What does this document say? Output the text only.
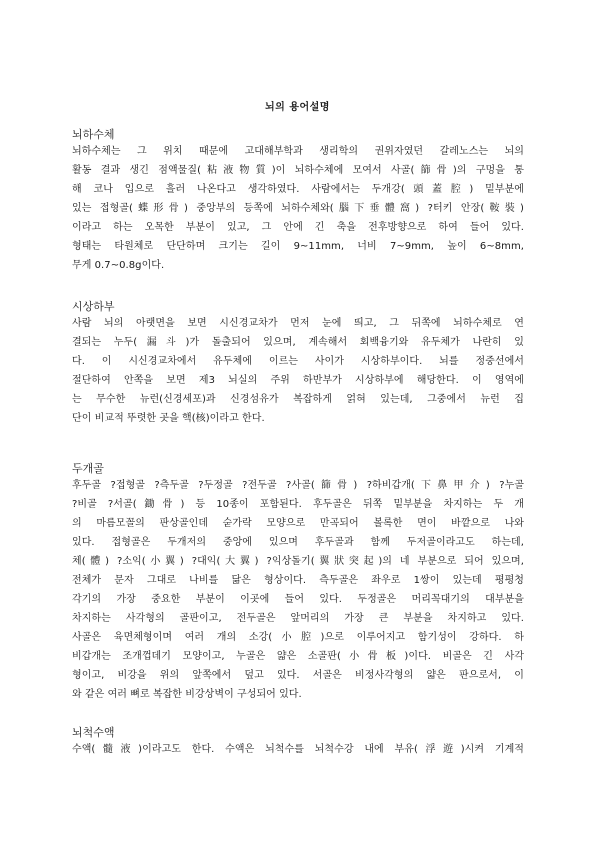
뇌의 용어설명
뇌하수체
뇌하수체는 그 위치 때문에 고대해부학과 생리학의 권위자였던 갈레노스는 뇌의
활동 결과 생긴 점액물질(粘液物質)이 뇌하수체에 모여서 사골(篩骨)의 구멍을 통
해 코나 입으로 흘러 나온다고 생각하였다. 사람에서는 두개강(頭蓋腔) 밑부분에
있는 접형골(蝶形骨) 중앙부의 등쪽에 뇌하수체와(腦下垂體窩) ?터키 안장(鞍裝)
이라고 하는 오목한 부분이 있고, 그 안에 긴 축을 전후방향으로 하여 들어 있다.
형태는 타원체로 단단하며 크기는 길이 9~11mm, 너비 7~9mm, 높이 6~8mm,
무게 0.7~0.8g이다.
시상하부
사람 뇌의 아랫면을 보면 시신경교차가 먼저 눈에 띄고, 그 뒤쪽에 뇌하수체로 연
결되는 누두(漏斗)가 돌출되어 있으며, 계속해서 회백융기와 유두체가 나란히 있
다. 이 시신경교차에서 유두체에 이르는 사이가 시상하부이다. 뇌를 정중선에서
절단하여 안쪽을 보면 제3 뇌실의 주위 하반부가 시상하부에 해당한다. 이 영역에
는 무수한 뉴런(신경세포)과 신경섬유가 복잡하게 얽혀 있는데, 그중에서 뉴런 집
단이 비교적 뚜렷한 곳을 핵(核)이라고 한다.
두개골
후두골 ?접형골 ?측두골 ?두정골 ?전두골 ?사골(篩骨) ?하비갑개(下鼻甲介) ?누골
?비골 ?서골(鋤骨) 등 10종이 포함된다. 후두골은 뒤쪽 밑부분을 차지하는 두 개
의 마름모꼴의 판상골인데 숟가락 모양으로 만곡되어 볼록한 면이 바깥으로 나와
있다. 접형골은 두개저의 중앙에 있으며 후두골과 함께 두저골이라고도 하는데,
체(體) ?소익(小翼) ?대익(大翼) ?익상돌기(翼狀突起)의 네 부분으로 되어 있으며,
전체가 문자 그대로 나비를 닮은 형상이다. 측두골은 좌우로 1쌍이 있는데 평평청
각기의 가장 중요한 부분이 이곳에 들어 있다. 두정골은 머리꼭대기의 대부분을
차지하는 사각형의 골판이고, 전두골은 앞머리의 가장 큰 부분을 차지하고 있다.
사골은 육면체형이며 여러 개의 소강(小腔)으로 이루어지고 함기성이 강하다. 하
비갑개는 조개껍데기 모양이고, 누골은 얇은 소골판(小骨板)이다. 비골은 긴 사각
형이고, 비강을 위의 앞쪽에서 덮고 있다. 서골은 비정사각형의 얇은 판으로서, 이
와 같은 여러 뼈로 복잡한 비강상벽이 구성되어 있다.
뇌척수액
수액(髓液)이라고도 한다. 수액은 뇌척수를 뇌척수강 내에 부유(浮遊)시켜 기계적
